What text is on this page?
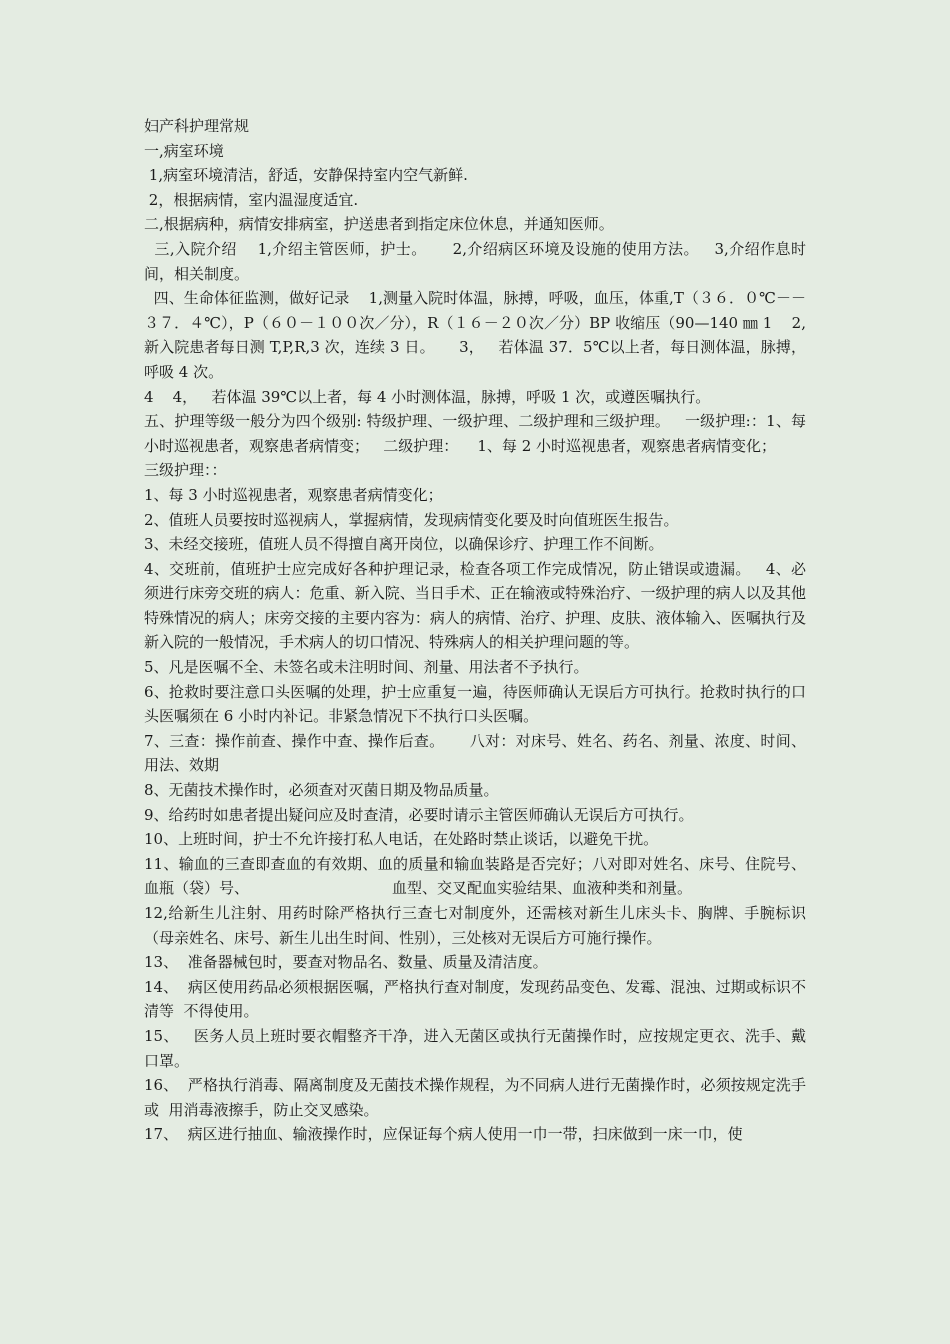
妇产科护理常规

一,病室环境

1,病室环境清洁，舒适，安静保持室内空气新鲜.

2，根据病情，室内温湿度适宜.

二,根据病种，病情安排病室，护送患者到指定床位休息，并通知医师。

三,入院介绍    1,介绍主管医师，护士。     2,介绍病区环境及设施的使用方法。   3,介绍作息时间，相关制度。

四、生命体征监测，做好记录    1,测量入院时体温，脉搏，呼吸，血压，体重,T（３６．０℃－－３７．４℃），P（６０－１００次／分），R（１６－２０次／分）BP 收缩压（90—140 ㎜ 1    2,新入院患者每日测 T,P,R,3 次，连续 3 日。     3，   若体温 37．5℃以上者，每日测体温，脉搏，呼吸 4 次。

4    4，   若体温 39℃以上者，每 4 小时测体温，脉搏，呼吸 1 次，或遵医嘱执行。

五、护理等级一般分为四个级别: 特级护理、一级护理、二级护理和三级护理。   一级护理:：1、每小时巡视患者，观察患者病情变；   二级护理：    1、每 2 小时巡视患者，观察患者病情变化；

三级护理：：

1、每 3 小时巡视患者，观察患者病情变化；

2、值班人员要按时巡视病人，掌握病情，发现病情变化要及时向值班医生报告。

3、未经交接班，值班人员不得擅自离开岗位，以确保诊疗、护理工作不间断。

4、交班前，值班护士应完成好各种护理记录，检查各项工作完成情况，防止错误或遗漏。   4、必须进行床旁交班的病人：危重、新入院、当日手术、正在输液或特殊治疗、一级护理的病人以及其他特殊情况的病人；床旁交接的主要内容为：病人的病情、治疗、护理、皮肤、液体输入、医嘱执行及新入院的一般情况，手术病人的切口情况、特殊病人的相关护理问题的等。

5、凡是医嘱不全、未签名或未注明时间、剂量、用法者不予执行。

6、抢救时要注意口头医嘱的处理，护士应重复一遍，待医师确认无误后方可执行。抢救时执行的口头医嘱须在 6 小时内补记。非紧急情况下不执行口头医嘱。

7、三查：操作前查、操作中查、操作后查。     八对：对床号、姓名、药名、剂量、浓度、时间、用法、效期

8、无菌技术操作时，必须查对灭菌日期及物品质量。

9、给药时如患者提出疑问应及时查清，必要时请示主管医师确认无误后方可执行。

10、上班时间，护士不允许接打私人电话，在处路时禁止谈话，以避免干扰。

11、输血的三查即查血的有效期、血的质量和输血装路是否完好；八对即对姓名、床号、住院号、血瓶（袋）号、                              血型、交叉配血实验结果、血液种类和剂量。

12,给新生儿注射、用药时除严格执行三查七对制度外，还需核对新生儿床头卡、胸牌、手腕标识（母亲姓名、床号、新生儿出生时间、性别），三处核对无误后方可施行操作。

13、  准备器械包时，要查对物品名、数量、质量及清洁度。

14、  病区使用药品必须根据医嘱，严格执行查对制度，发现药品变色、发霉、混浊、过期或标识不清等  不得使用。

15、   医务人员上班时要衣帽整齐干净，进入无菌区或执行无菌操作时，应按规定更衣、洗手、戴口罩。

16、  严格执行消毒、隔离制度及无菌技术操作规程，为不同病人进行无菌操作时，必须按规定洗手或  用消毒液擦手，防止交叉感染。

17、  病区进行抽血、输液操作时，应保证每个病人使用一巾一带，扫床做到一床一巾，使
